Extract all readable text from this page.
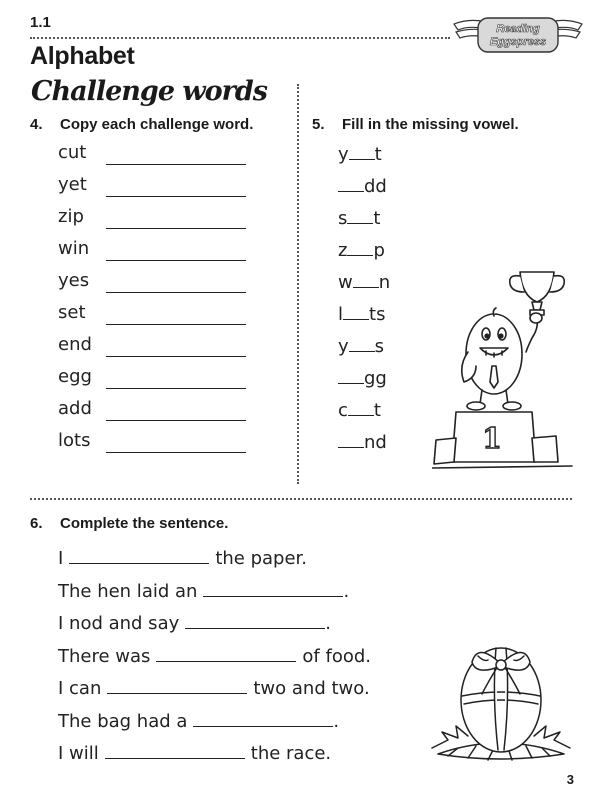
1.1
Alphabet
Challenge words
Reading
Eggspress
4. Copy each challenge word.
cut
yet
zip
win
yes
set
end
egg
add
lots
5. Fill in the missing vowel.
y t
dd
s t
z p
w n
l ts
y s
gg
c t
nd	1
6. Complete the sentence.
I	the paper.
The hen laid an	.
I nod and say	.
There was	of food.
I can	two and two.
The bag had a	.
I will	the race.
3
